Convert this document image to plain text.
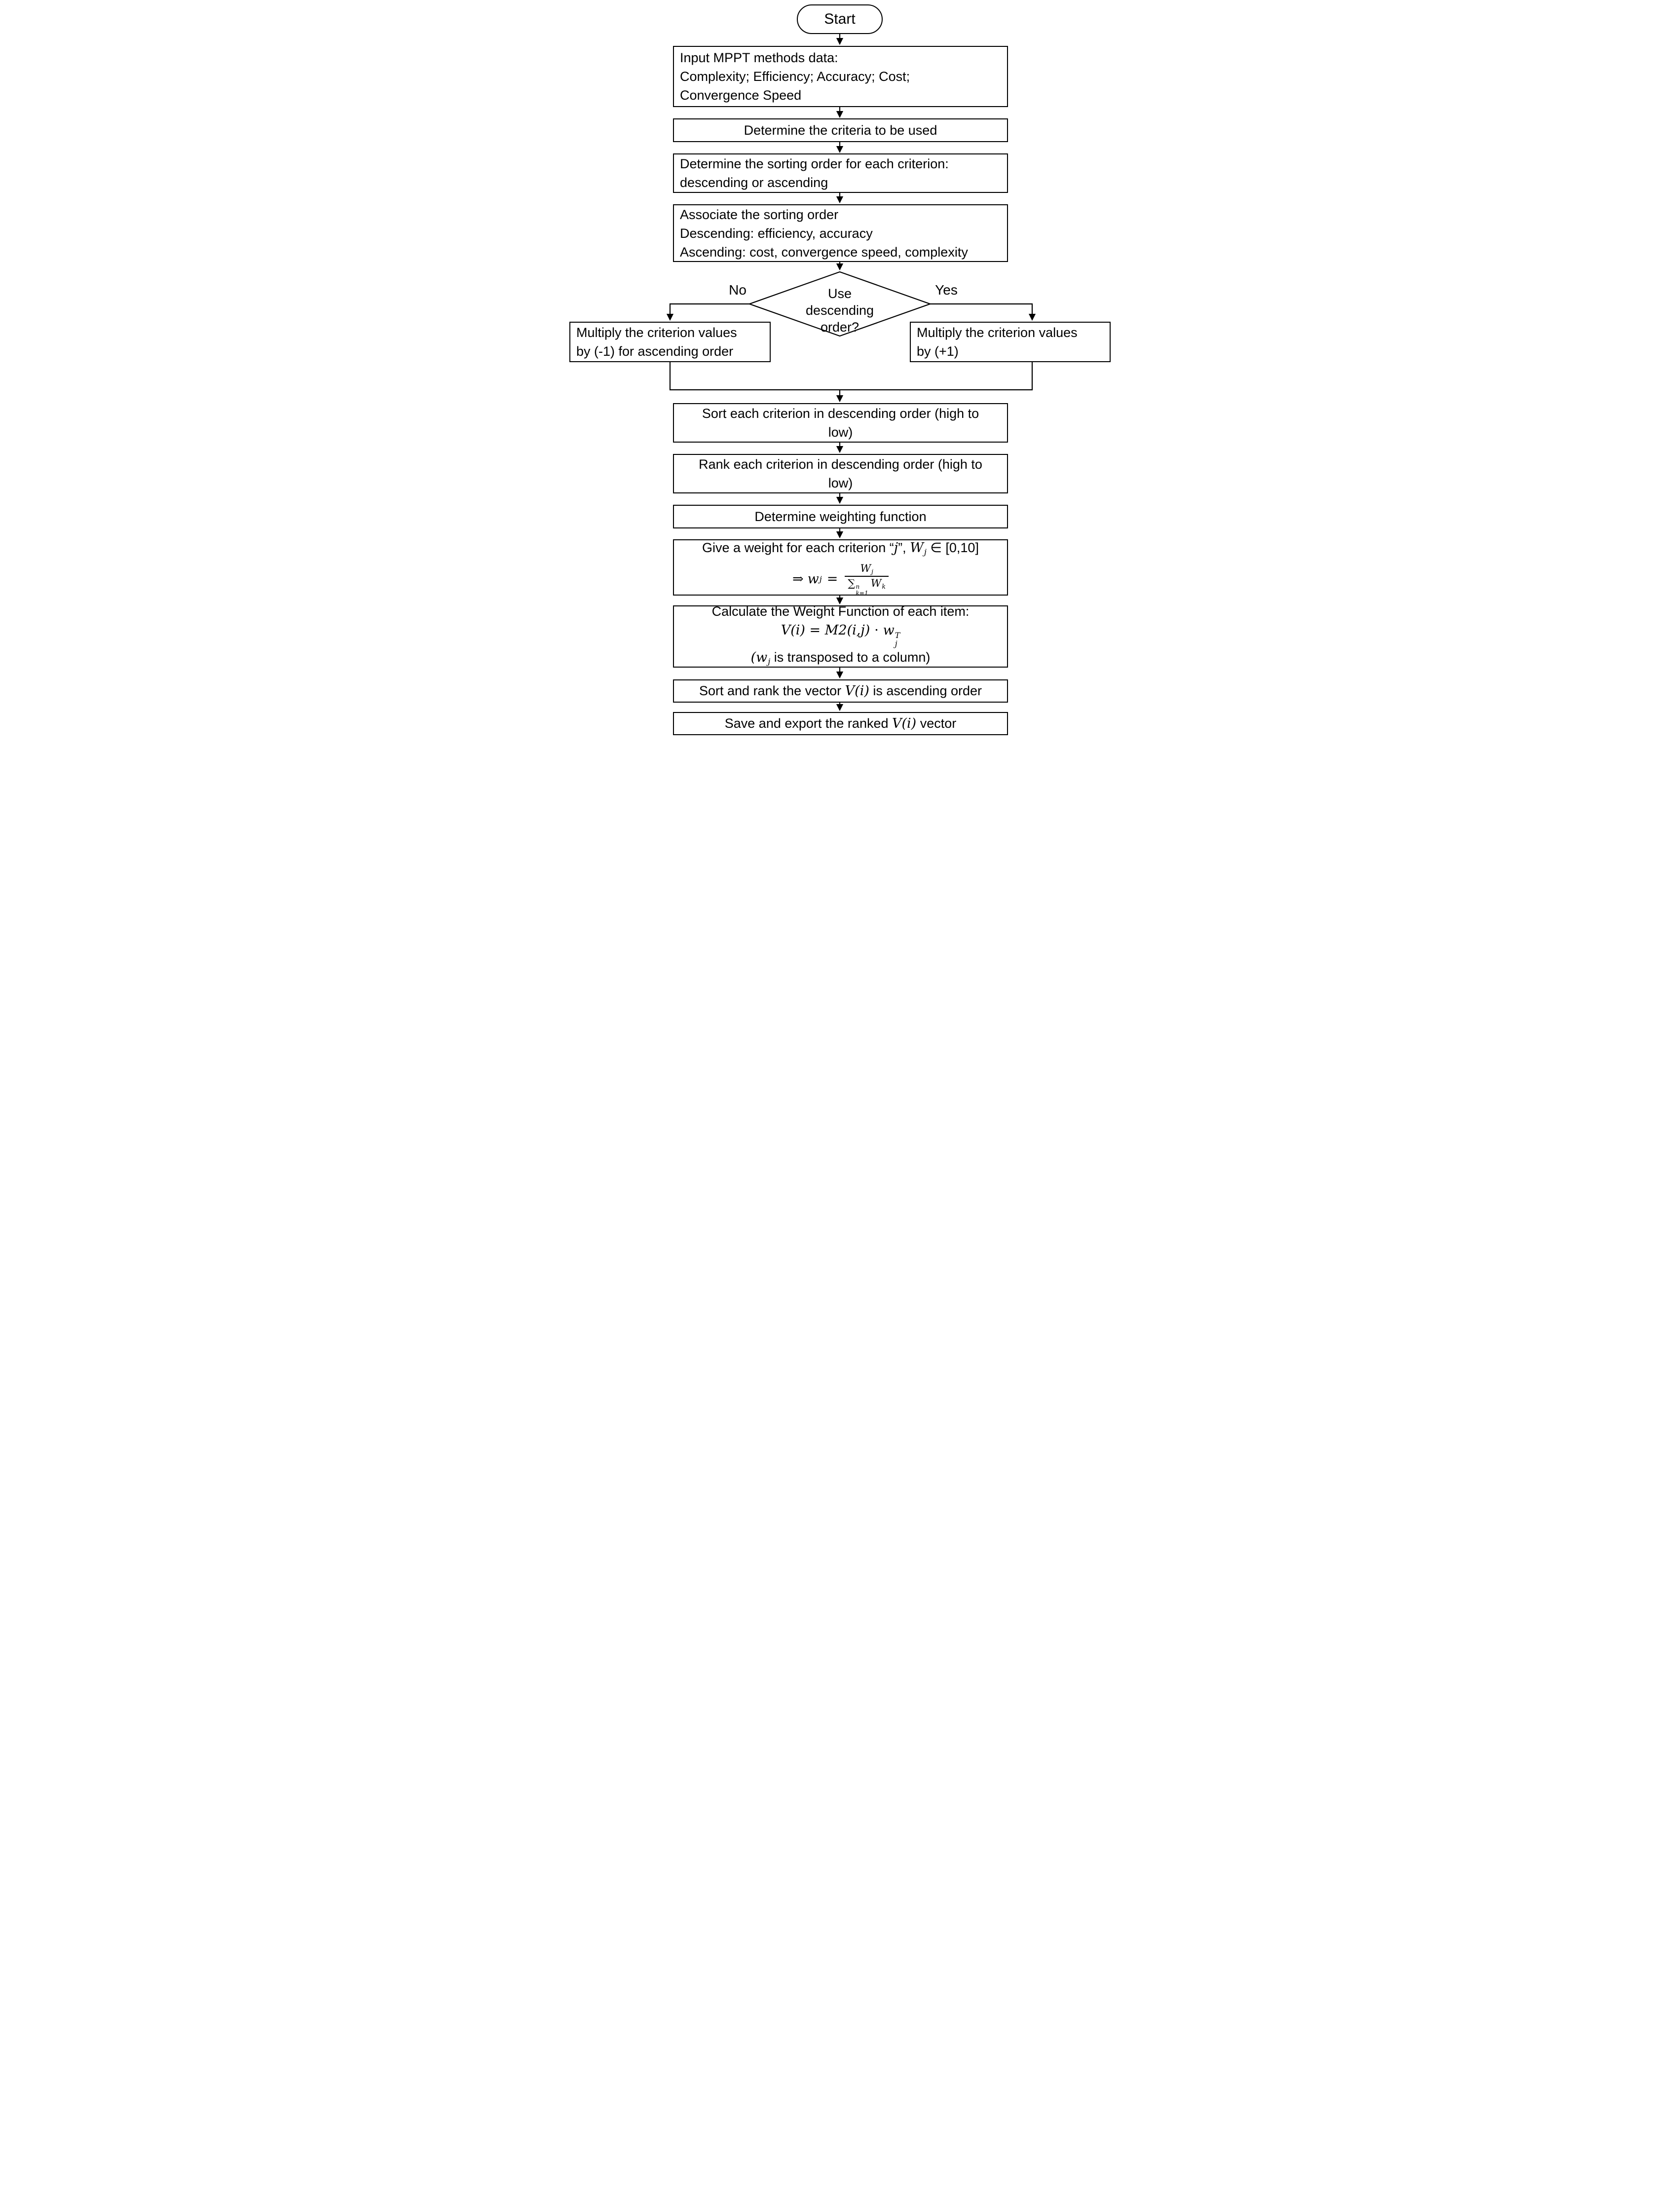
Start
Input MPPT methods data:
Complexity; Efficiency; Accuracy; Cost;
Convergence Speed
Determine the criteria to be used
Determine the sorting order for each criterion:
descending or ascending
Associate the sorting order
Descending: efficiency, accuracy
Ascending: cost, convergence speed, complexity
Use
descending
order?
No	Yes
Multiply the criterion values
by (-1) for ascending order
Multiply the criterion values
by (+1)
Sort each criterion in descending order (high to
low)
Rank each criterion in descending order (high to
low)
Determine weighting function
Give a weight for each criterion “j”, $W_j$ ∈ [0,10]
⇒ w $j = W_j$
∑ n
k=1
$W_k$
Calculate the Weight Function of each item:
V(i) = M2(i,j) ⋅ w T
j
($w_j$ is transposed to a column)
Sort and rank the vector V(i) is ascending order
Save and export the ranked V(i) vector
